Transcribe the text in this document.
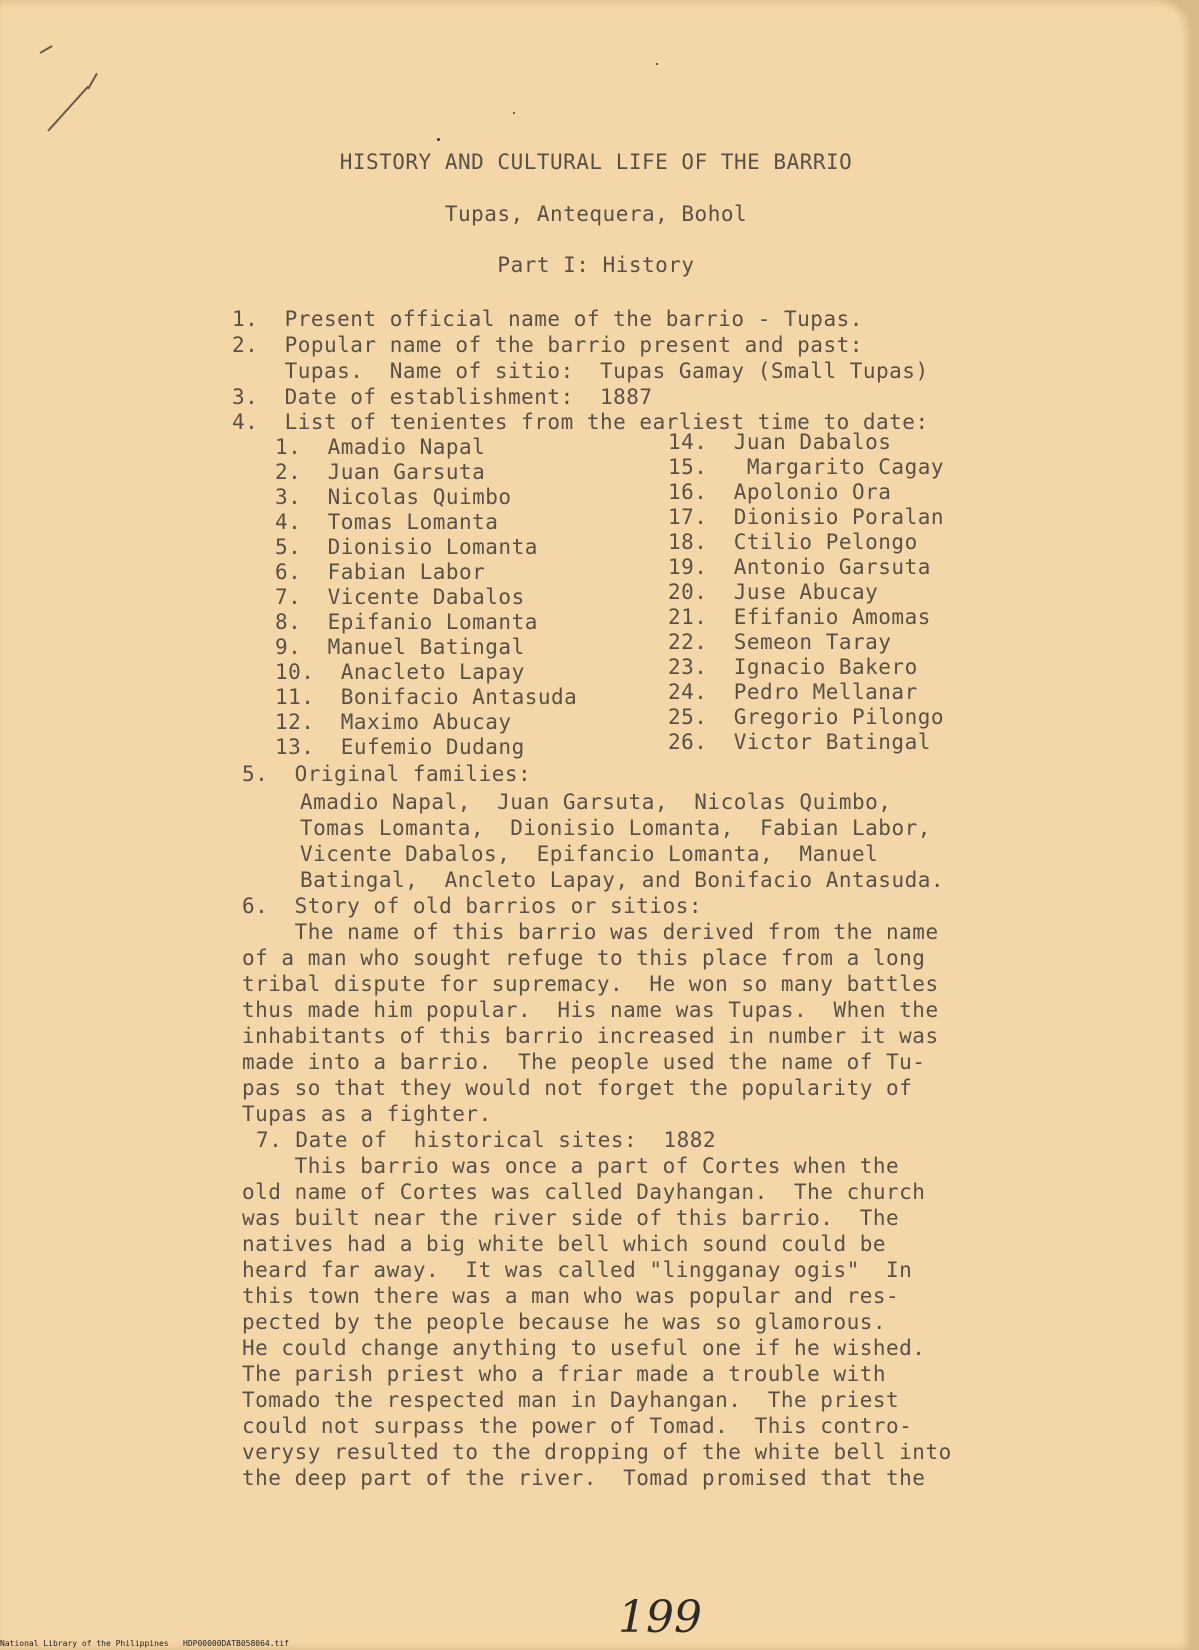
HISTORY AND CULTURAL LIFE OF THE BARRIO
Tupas, Antequera, Bohol
Part I: History
1.  Present official name of the barrio - Tupas.
2.  Popular name of the barrio present and past:
Tupas.  Name of sitio:  Tupas Gamay (Small Tupas)
3.  Date of establishment:  1887
4.  List of tenientes from the earliest time to date:
1.  Amadio Napal
2.  Juan Garsuta
3.  Nicolas Quimbo
4.  Tomas Lomanta
5.  Dionisio Lomanta
6.  Fabian Labor
7.  Vicente Dabalos
8.  Epifanio Lomanta
9.  Manuel Batingal
10.  Anacleto Lapay
11.  Bonifacio Antasuda
12.  Maximo Abucay
13.  Eufemio Dudang
14.  Juan Dabalos
15.   Margarito Cagay
16.  Apolonio Ora
17.  Dionisio Poralan
18.  Ctilio Pelongo
19.  Antonio Garsuta
20.  Juse Abucay
21.  Efifanio Amomas
22.  Semeon Taray
23.  Ignacio Bakero
24.  Pedro Mellanar
25.  Gregorio Pilongo
26.  Victor Batingal
5.  Original families:
Amadio Napal,  Juan Garsuta,  Nicolas Quimbo,
Tomas Lomanta,  Dionisio Lomanta,  Fabian Labor,
Vicente Dabalos,  Epifancio Lomanta,  Manuel
Batingal,  Ancleto Lapay, and Bonifacio Antasuda.
6.  Story of old barrios or sitios:
The name of this barrio was derived from the name
of a man who sought refuge to this place from a long
tribal dispute for supremacy.  He won so many battles
thus made him popular.  His name was Tupas.  When the
inhabitants of this barrio increased in number it was
made into a barrio.  The people used the name of Tu-
pas so that they would not forget the popularity of
Tupas as a fighter.
7. Date of  historical sites:  1882
This barrio was once a part of Cortes when the
old name of Cortes was called Dayhangan.  The church
was built near the river side of this barrio.  The
natives had a big white bell which sound could be
heard far away.  It was called "lingganay ogis"  In
this town there was a man who was popular and res-
pected by the people because he was so glamorous.
He could change anything to useful one if he wished.
The parish priest who a friar made a trouble with
Tomado the respected man in Dayhangan.  The priest
could not surpass the power of Tomad.  This contro-
verysy resulted to the dropping of the white bell into
the deep part of the river.  Tomad promised that the
199
National Library of the Philippines   HDP00000DATB058064.tif
